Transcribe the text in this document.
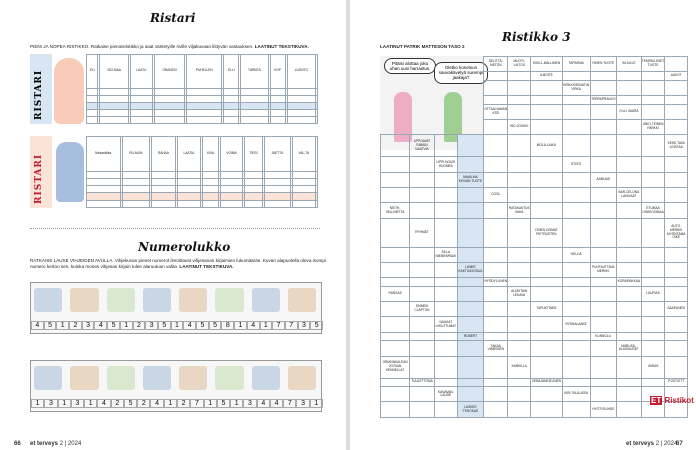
Ristari
PIENI JA NOPEA RISTIKKO. Ratkaise pienoisristikko ja saat väritetyille riville viljakuvaan liittyvän vastauksen. LAATINUT TEKSTIKUVA.
RISTARI	ELI		ISO-MAA		LAATU		ORANSSI		PUHELLEN		ELLI		TÄRKEÄ		KOP		LUONTO	

RISTARI
Mekaniikka		RU-MUN		RAHAA		LAATIA		KIVA		VOIMA		TIESI		JAETTU		VAL-TA	

Numerolukko
RATKAISE LAUSE VIHJEIDEN AVULLA. Vihjekuvan pienet numerot ilmoittavat vihjesanan kirjaimien lukumäärän. Kuvan alapuolella oleva isompi numero kertoo sen, kuinka mones vihjesan kirjain tulee alaruutuun valita. LAATINUT TEKSTIKUVA.
4	5	1	2	3	4	5	1	2	3	5	1	4	5	5	8	1	4	1	7	7	3	5
1	3	1	3	1	4	2	5	2	4	1	2	7	1	5	1	3	4	4	7	3	1
66 et terveys 2 | 2024
Ristikko 3
LAATINUT PATRIK MATTESON TASO 2
Pitäisi alottaa joku uhan uusi harrastus.	Oletko koneisun sauvakävelyä surempi jaakaja?
				SELITTÄ-MÄTÖN	MUOTI-LAITOS	ISOILL-MALLIMEN	TAPIMIMA	RIHEN TUOTE	SILKILLE	TEMPAU-KSET TUOTE	
						ILMOITE					AUKOT
							KIRKKOSENÄTIN VIRKA				
								TERRAPRANCH			
				OTTAA HAMAN KSS					O:LLI VAARA		
					IHO-JOOKKI					UNIO-TEINEN PARKKI	
	UPPOAVAT RIMAIN NAATVIA					MOLA-LAIKA					KEKE-TAVA LINSTAA
		LIPPI-NOUSI HUOMEA					STOITI				
			MAAILMA KEVIÄN TUOTE					AAMUAS			
				COOL					BAR-CELONA LAKIKAAT		
NEITH-VALLINETTA					RATAKAKTUS VAHA					ETUMAA LIINIKOSIMAA	
	RYHMÄT					OSIEN VOIMAT PIETRUSTEN					AUTO-MERKKI MYÖNTÄMÄ OIKE
		SILLA NIEMENPAAK					HELLIÄ				
			LANKE KAKTUSSOSUA					PUHTAUTTAVA MERKKI			
				HYÖDYLLINEN					KORAIPAKKAA		
RUNSAS					ALUEITAIN LEKAVA					LAUPIAS	
	EMMEN CLAPTON					TAPUKTINEN					SAAPUNEN
		NAUKAT LIIKUTTUMAT					RYSNALAAKE				
			ROBERT					KUNNOLLI			
				TAKAA VIIMEINEN					MARUSIL-ALAISUUDET		
ORIANNKALEAN JOTAAN KENNELLAT					KARKILLA					VARAS	
	TUULETTOMA					VENÄJÄNKIELINEN					POSTIOTT
		KANAVAN-LAUDE					KIRI-TAULUSSA				
			LASKEE TEHOKAS					HYÖTYSUHDE			
ET Ristikot
et terveys 2 | 2024
67
